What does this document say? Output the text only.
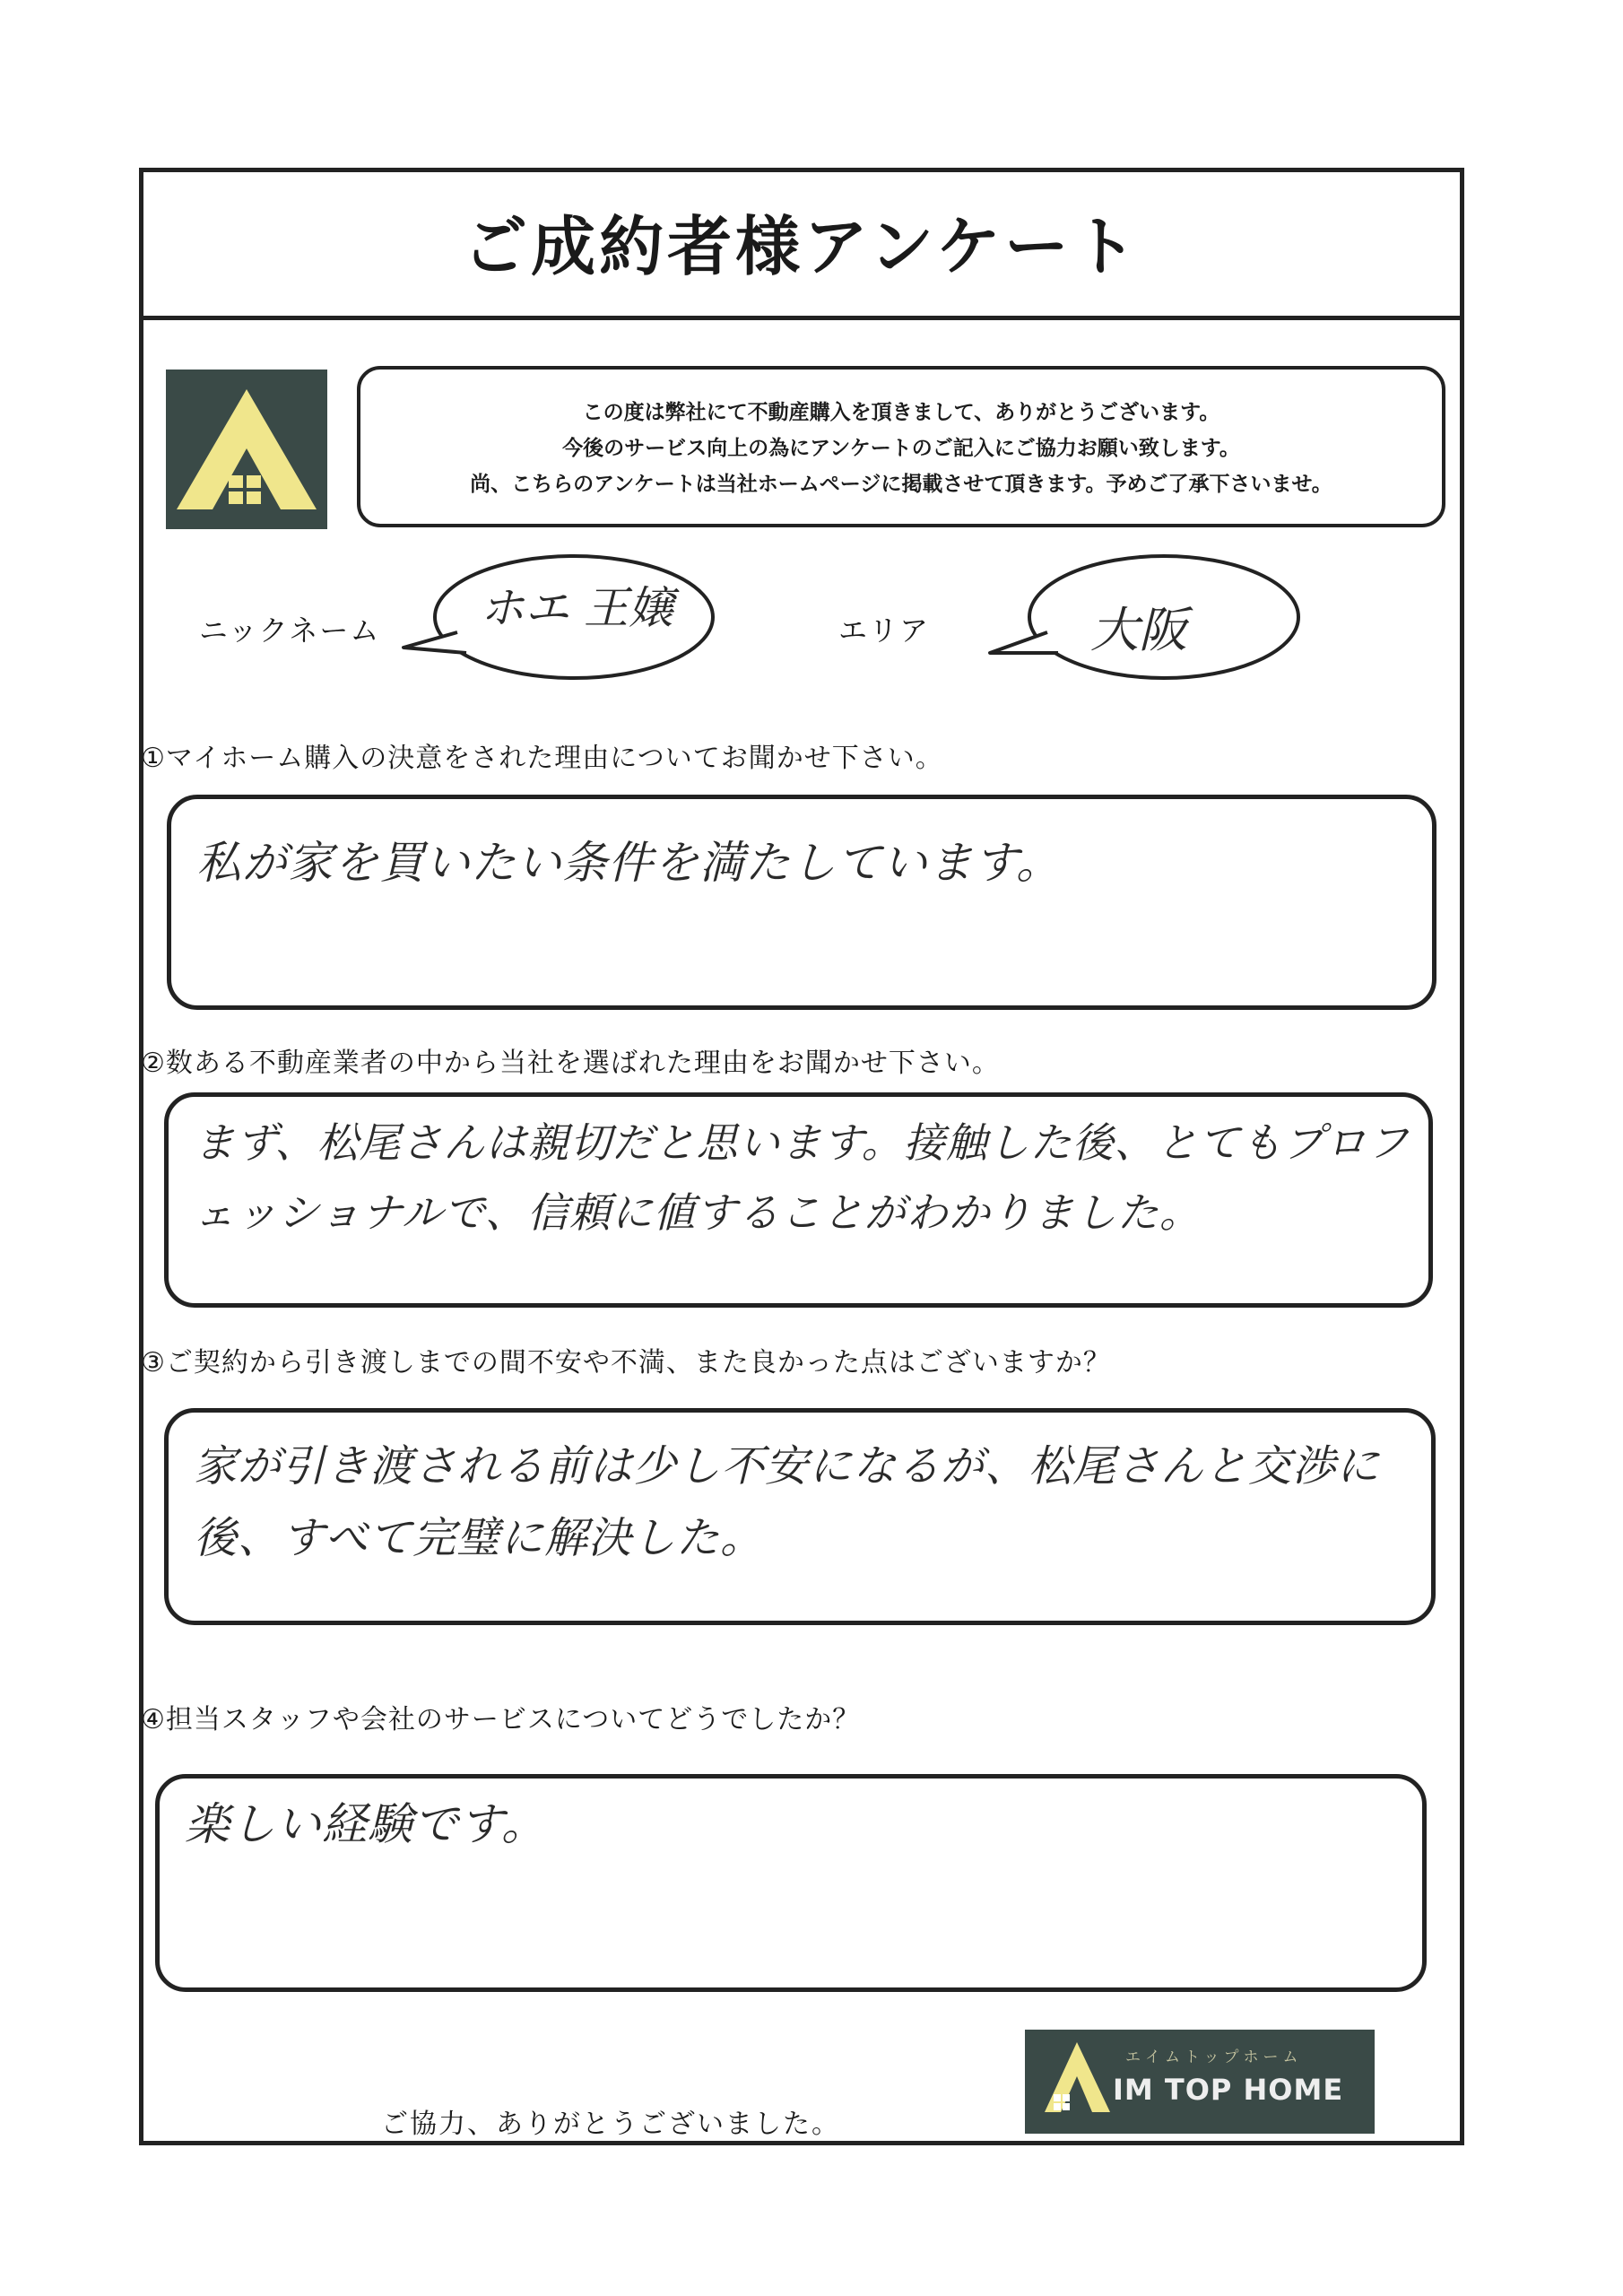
ご成約者様アンケート
この度は弊社にて不動産購入を頂きまして、ありがとうございます。
今後のサービス向上の為にアンケートのご記入にご協力お願い致します。
尚、こちらのアンケートは当社ホームページに掲載させて頂きます。予めご了承下さいませ。
ニックネーム ホエ 王嬢	エリア	大阪
①マイホーム購入の決意をされた理由についてお聞かせ下さい。
私が家を買いたい条件を満たしています。
②数ある不動産業者の中から当社を選ばれた理由をお聞かせ下さい。
まず、松尾さんは親切だと思います。接触した後、とてもプロフェッショナルで、信頼に値することがわかりました。
③ご契約から引き渡しまでの間不安や不満、また良かった点はございますか？
家が引き渡される前は少し不安になるが、松尾さんと交渉に後、すべて完璧に解決した。
④担当スタッフや会社のサービスについてどうでしたか？
楽しい経験です。
ご協力、ありがとうございました。
エイムトップホーム
IM TOP HOME
